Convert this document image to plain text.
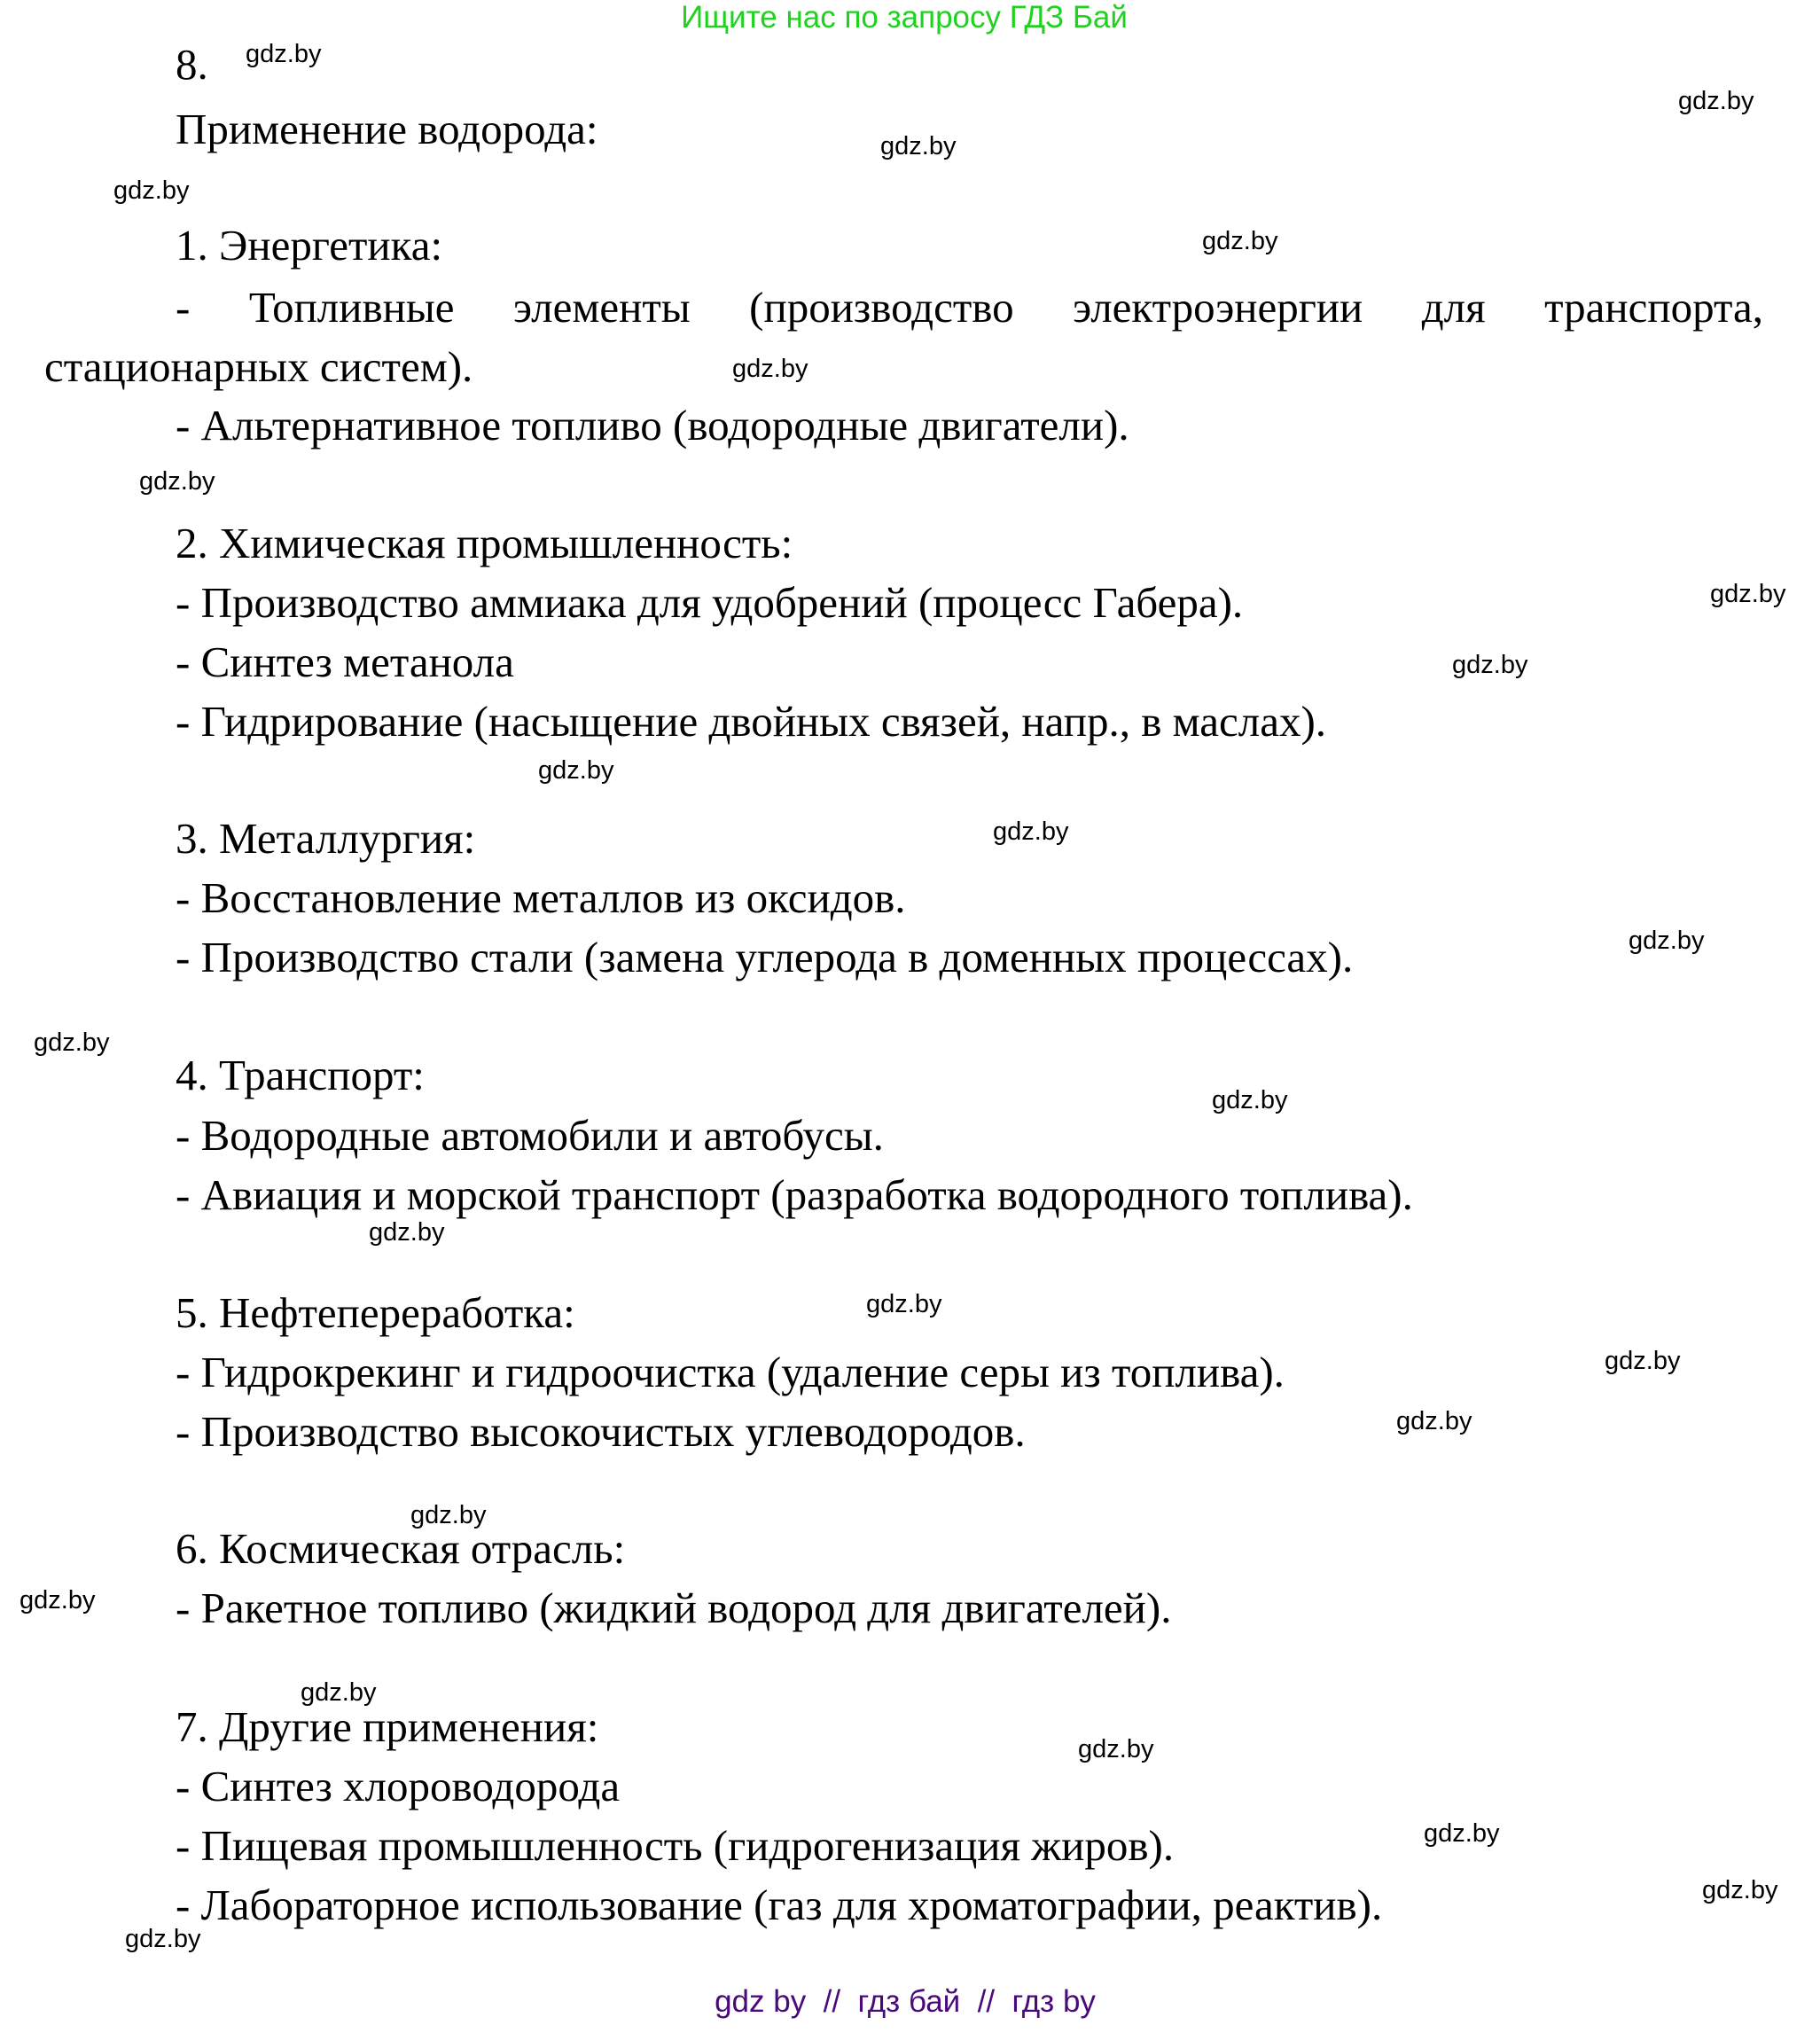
Ищите нас по запросу ГДЗ Бай
8.
Применение водорода:
1. Энергетика:
- Топливные элементы (производство электроэнергии для транспорта,
стационарных систем).
- Альтернативное топливо (водородные двигатели).
2. Химическая промышленность:
- Производство аммиака для удобрений (процесс Габера).
- Синтез метанола
- Гидрирование (насыщение двойных связей, напр., в маслах).
3. Металлургия:
- Восстановление металлов из оксидов.
- Производство стали (замена углерода в доменных процессах).
4. Транспорт:
- Водородные автомобили и автобусы.
- Авиация и морской транспорт (разработка водородного топлива).
5. Нефтепереработка:
- Гидрокрекинг и гидроочистка (удаление серы из топлива).
- Производство высокочистых углеводородов.
6. Космическая отрасль:
- Ракетное топливо (жидкий водород для двигателей).
7. Другие применения:
- Синтез хлороводорода
- Пищевая промышленность (гидрогенизация жиров).
- Лабораторное использование (газ для хроматографии, реактив).
gdz.by
gdz.by
gdz.by
gdz.by
gdz.by
gdz.by
gdz.by
gdz.by
gdz.by
gdz.by
gdz.by
gdz.by
gdz.by
gdz.by
gdz.by
gdz.by
gdz.by
gdz.by
gdz.by
gdz.by
gdz.by
gdz.by
gdz.by
gdz.by
gdz.by
gdz by  //  гдз бай  //  гдз by
